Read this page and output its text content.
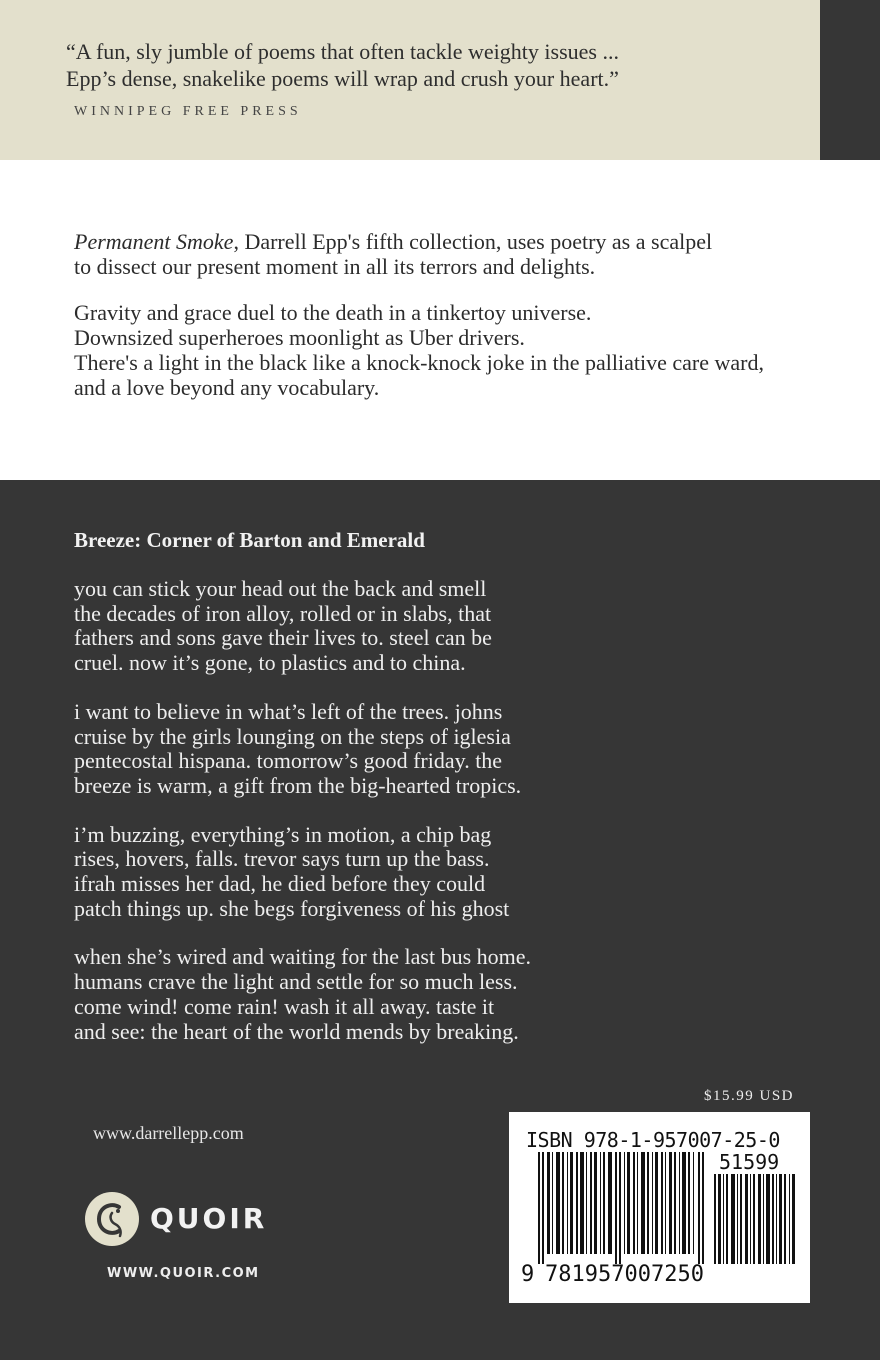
“A fun, sly jumble of poems that often tackle weighty issues ...
Epp’s dense, snakelike poems will wrap and crush your heart.”

WINNIPEG FREE PRESS

Permanent Smoke, Darrell Epp's fifth collection, uses poetry as a scalpel
to dissect our present moment in all its terrors and delights.

Gravity and grace duel to the death in a tinkertoy universe.
Downsized superheroes moonlight as Uber drivers.
There's a light in the black like a knock-knock joke in the palliative care ward,
and a love beyond any vocabulary.

Breeze: Corner of Barton and Emerald
you can stick your head out the back and smell
the decades of iron alloy, rolled or in slabs, that
fathers and sons gave their lives to. steel can be
cruel. now it’s gone, to plastics and to china.
i want to believe in what’s left of the trees. johns
cruise by the girls lounging on the steps of iglesia
pentecostal hispana. tomorrow’s good friday. the
breeze is warm, a gift from the big-hearted tropics.
i’m buzzing, everything’s in motion, a chip bag
rises, hovers, falls. trevor says turn up the bass.
ifrah misses her dad, he died before they could
patch things up. she begs forgiveness of his ghost
when she’s wired and waiting for the last bus home.
humans crave the light and settle for so much less.
come wind! come rain! wash it all away. taste it
and see: the heart of the world mends by breaking.
$15.99 USD
www.darrellepp.com
QUOIR
WWW.QUOIR.COM
ISBN 978-1-957007-25-0
51599
9 781957007250
